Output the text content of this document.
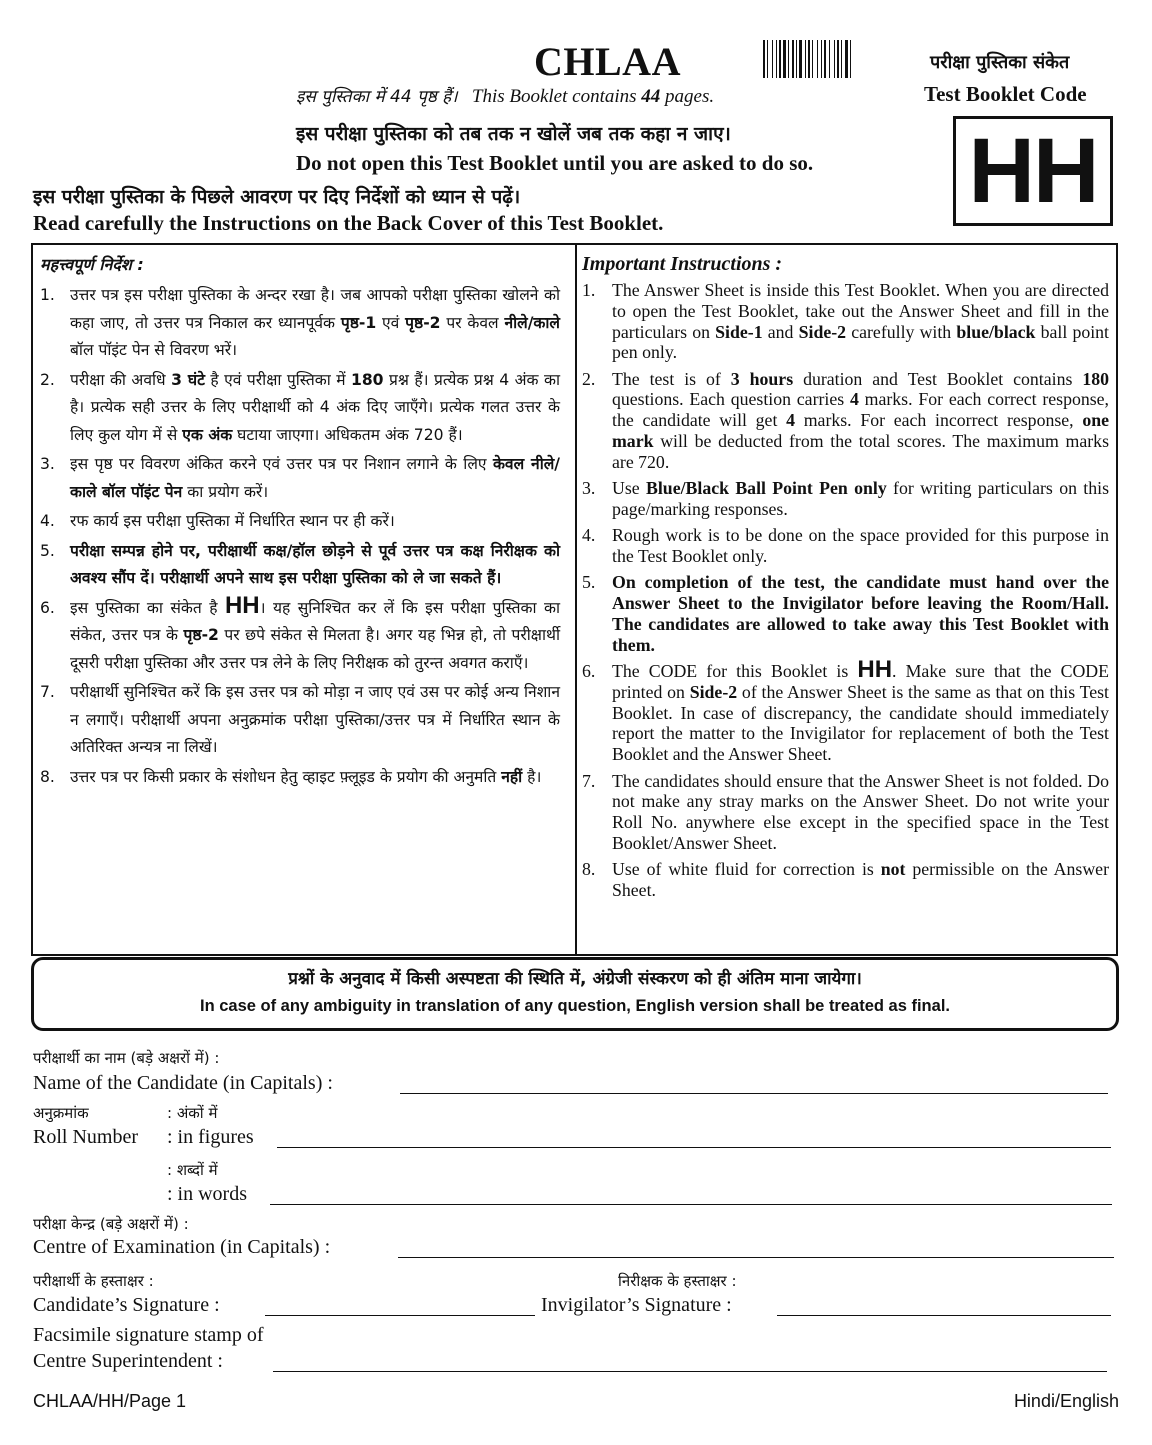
CHLAA	परीक्षा पुस्तिका संकेत
Test Booklet Code
इस पुस्तिका में 44 पृष्ठ हैं। This Booklet contains 44 pages.
इस परीक्षा पुस्तिका को तब तक न खोलें जब तक कहा न जाए।
Do not open this Test Booklet until you are asked to do so.
इस परीक्षा पुस्तिका के पिछले आवरण पर दिए निर्देशों को ध्यान से पढ़ें।
Read carefully the Instructions on the Back Cover of this Test Booklet.
HH

महत्त्वपूर्ण निर्देश :

1. उत्तर पत्र इस परीक्षा पुस्तिका के अन्दर रखा है। जब आपको परीक्षा पुस्तिका खोलने को कहा जाए, तो उत्तर पत्र निकाल कर ध्यानपूर्वक पृष्ठ-1 एवं पृष्ठ-2 पर केवल नीले/काले बॉल पॉइंट पेन से विवरण भरें।
2. परीक्षा की अवधि 3 घंटे है एवं परीक्षा पुस्तिका में 180 प्रश्न हैं। प्रत्येक प्रश्न 4 अंक का है। प्रत्येक सही उत्तर के लिए परीक्षार्थी को 4 अंक दिए जाएँगे। प्रत्येक गलत उत्तर के लिए कुल योग में से एक अंक घटाया जाएगा। अधिकतम अंक 720 हैं।
3. इस पृष्ठ पर विवरण अंकित करने एवं उत्तर पत्र पर निशान लगाने के लिए केवल नीले/काले बॉल पॉइंट पेन का प्रयोग करें।
4. रफ कार्य इस परीक्षा पुस्तिका में निर्धारित स्थान पर ही करें।
5. परीक्षा सम्पन्न होने पर, परीक्षार्थी कक्ष/हॉल छोड़ने से पूर्व उत्तर पत्र कक्ष निरीक्षक को अवश्य सौंप दें। परीक्षार्थी अपने साथ इस परीक्षा पुस्तिका को ले जा सकते हैं।
6. इस पुस्तिका का संकेत है HH। यह सुनिश्चित कर लें कि इस परीक्षा पुस्तिका का संकेत, उत्तर पत्र के पृष्ठ-2 पर छपे संकेत से मिलता है। अगर यह भिन्न हो, तो परीक्षार्थी दूसरी परीक्षा पुस्तिका और उत्तर पत्र लेने के लिए निरीक्षक को तुरन्त अवगत कराएँ।
7. परीक्षार्थी सुनिश्चित करें कि इस उत्तर पत्र को मोड़ा न जाए एवं उस पर कोई अन्य निशान न लगाएँ। परीक्षार्थी अपना अनुक्रमांक परीक्षा पुस्तिका/उत्तर पत्र में निर्धारित स्थान के अतिरिक्त अन्यत्र ना लिखें।
8. उत्तर पत्र पर किसी प्रकार के संशोधन हेतु व्हाइट फ़्लूइड के प्रयोग की अनुमति नहीं है।

Important Instructions :

1. The Answer Sheet is inside this Test Booklet. When you are directed to open the Test Booklet, take out the Answer Sheet and fill in the particulars on Side-1 and Side-2 carefully with blue/black ball point pen only.
2. The test is of 3 hours duration and Test Booklet contains 180 questions. Each question carries 4 marks. For each correct response, the candidate will get 4 marks. For each incorrect response, one mark will be deducted from the total scores. The maximum marks are 720.
3. Use Blue/Black Ball Point Pen only for writing particulars on this page/marking responses.
4. Rough work is to be done on the space provided for this purpose in the Test Booklet only.
5. On completion of the test, the candidate must hand over the Answer Sheet to the Invigilator before leaving the Room/Hall. The candidates are allowed to take away this Test Booklet with them.
6. The CODE for this Booklet is HH. Make sure that the CODE printed on Side-2 of the Answer Sheet is the same as that on this Test Booklet. In case of discrepancy, the candidate should immediately report the matter to the Invigilator for replacement of both the Test Booklet and the Answer Sheet.
7. The candidates should ensure that the Answer Sheet is not folded. Do not make any stray marks on the Answer Sheet. Do not write your Roll No. anywhere else except in the specified space in the Test Booklet/Answer Sheet.
8. Use of white fluid for correction is not permissible on the Answer Sheet.
प्रश्नों के अनुवाद में किसी अस्पष्टता की स्थिति में, अंग्रेजी संस्करण को ही अंतिम माना जायेगा।
In case of any ambiguity in translation of any question, English version shall be treated as final.
परीक्षार्थी का नाम (बड़े अक्षरों में) :
Name of the Candidate (in Capitals) :
अनुक्रमांक	: अंकों में
Roll Number : in figures
: शब्दों में
: in words
परीक्षा केन्द्र (बड़े अक्षरों में) :
Centre of Examination (in Capitals) :
परीक्षार्थी के हस्ताक्षर :
Candidate’s Signature :
निरीक्षक के हस्ताक्षर :
Invigilator’s Signature :
Facsimile signature stamp of
Centre Superintendent :
CHLAA/HH/Page 1	Hindi/English
